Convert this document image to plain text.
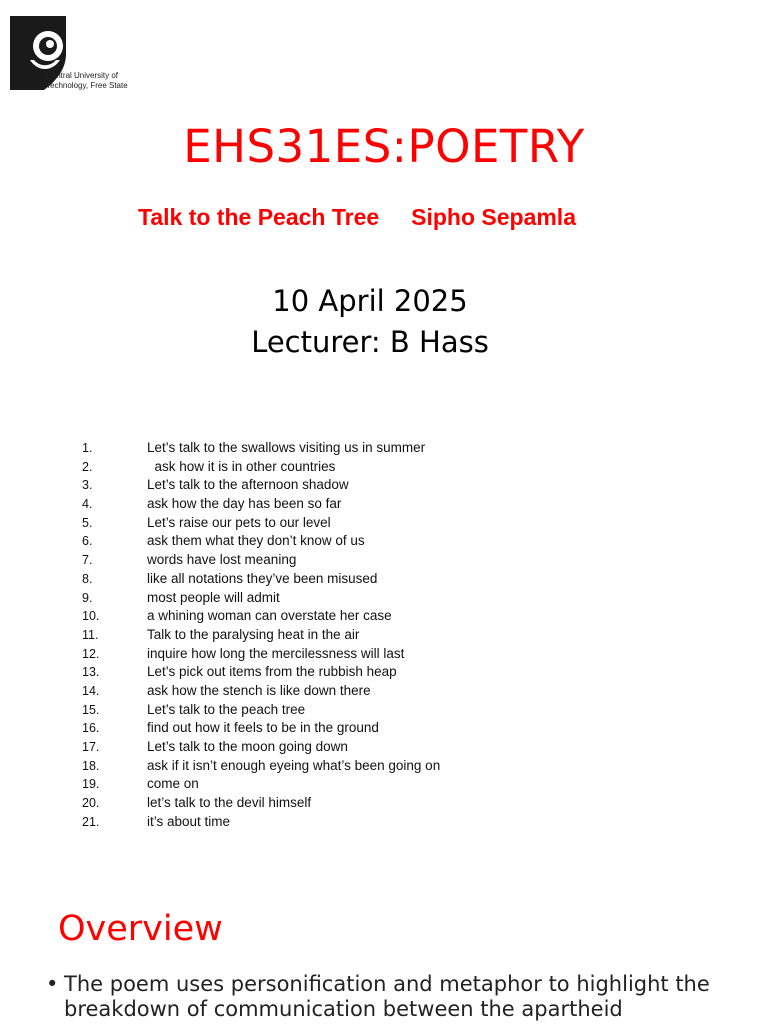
Central University of
Technology, Free State
EHS31ES:POETRY
Talk to the Peach Tree     Sipho Sepamla
10 April 2025
Lecturer: B Hass
1.	Let’s talk to the swallows visiting us in summer
2.	ask how it is in other countries
3.	Let’s talk to the afternoon shadow
4.	ask how the day has been so far
5.	Let’s raise our pets to our level
6.	ask them what they don’t know of us
7.	words have lost meaning
8.	like all notations they’ve been misused
9.	most people will admit
10.	a whining woman can overstate her case
11.	Talk to the paralysing heat in the air
12.	inquire how long the mercilessness will last
13.	Let’s pick out items from the rubbish heap
14.	ask how the stench is like down there
15.	Let’s talk to the peach tree
16.	find out how it feels to be in the ground
17.	Let’s talk to the moon going down
18.	ask if it isn’t enough eyeing what’s been going on
19.	come on
20.	let’s talk to the devil himself
21.	it’s about time
Overview
• The poem uses personification and metaphor to highlight the breakdown of communication between the apartheid
